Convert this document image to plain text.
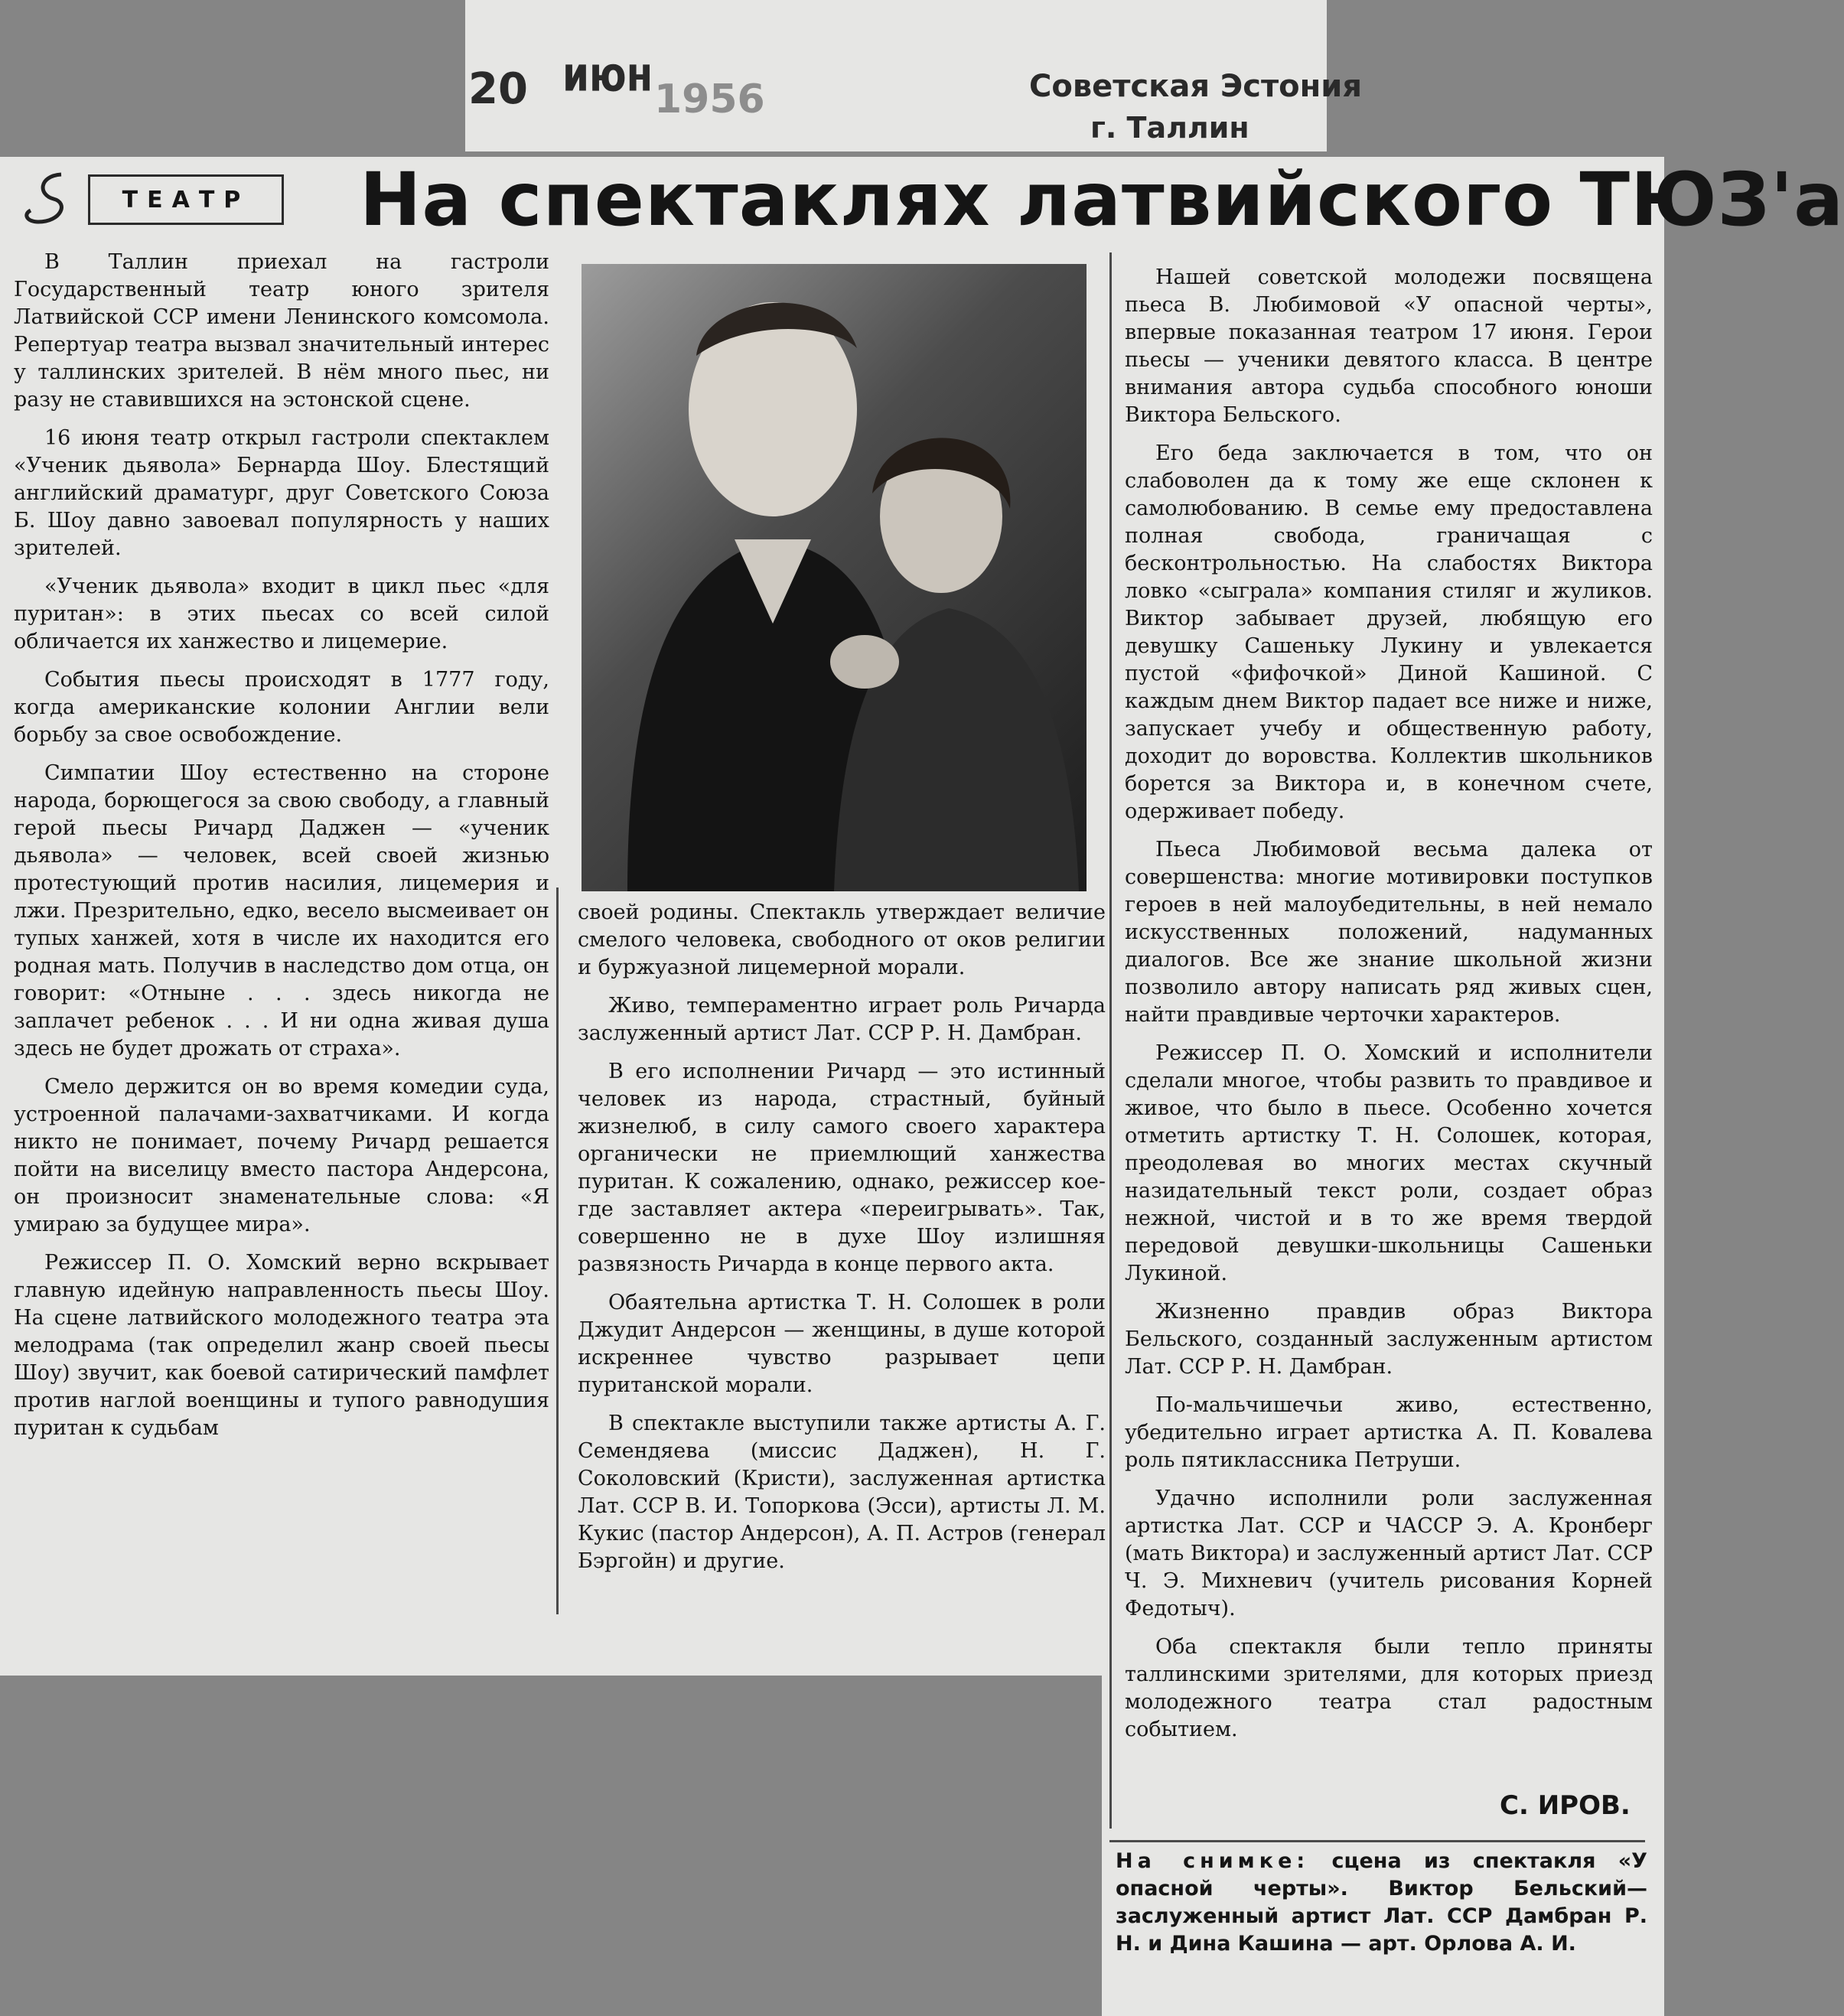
20 июн 1956	Советская Эстония
г. Таллин
ТЕАТР	На спектаклях латвийского ТЮЗ'а

В Таллин приехал на гастроли Государственный театр юного зрителя Латвийской ССР имени Ленинского комсомола. Репертуар театра вызвал значительный интерес у таллинских зрителей. В нём много пьес, ни разу не ставившихся на эстонской сцене.

16 июня театр открыл гастроли спектаклем «Ученик дьявола» Бернарда Шоу. Блестящий английский драматург, друг Советского Союза Б. Шоу давно завоевал популярность у наших зрителей.

«Ученик дьявола» входит в цикл пьес «для пуритан»: в этих пьесах со всей силой обличается их ханжество и лицемерие.

События пьесы происходят в 1777 году, когда американские колонии Англии вели борьбу за свое освобождение.

Симпатии Шоу естественно на стороне народа, борющегося за свою свободу, а главный герой пьесы Ричард Даджен — «ученик дьявола» — человек, всей своей жизнью протестующий против насилия, лицемерия и лжи. Презрительно, едко, весело высмеивает он тупых ханжей, хотя в числе их находится его родная мать. Получив в наследство дом отца, он говорит: «Отныне . . . здесь никогда не заплачет ребенок . . . И ни одна живая душа здесь не будет дрожать от страха».

Смело держится он во время комедии суда, устроенной палачами-захватчиками. И когда никто не понимает, почему Ричард решается пойти на виселицу вместо пастора Андерсона, он произносит знаменательные слова: «Я умираю за будущее мира».

Режиссер П. О. Хомский верно вскрывает главную идейную направленность пьесы Шоу. На сцене латвийского молодежного театра эта мелодрама (так определил жанр своей пьесы Шоу) звучит, как боевой сатирический памфлет против наглой военщины и тупого равнодушия пуритан к судьбам

своей родины. Спектакль утверждает величие смелого человека, свободного от оков религии и буржуазной лицемерной морали.

Живо, темпераментно играет роль Ричарда заслуженный артист Лат. ССР Р. Н. Дамбран.

В его исполнении Ричард — это истинный человек из народа, страстный, буйный жизнелюб, в силу самого своего характера органически не приемлющий ханжества пуритан. К сожалению, однако, режиссер кое-где заставляет актера «переигрывать». Так, совершенно не в духе Шоу излишняя развязность Ричарда в конце первого акта.

Обаятельна артистка Т. Н. Солошек в роли Джудит Андерсон — женщины, в душе которой искреннее чувство разрывает цепи пуританской морали.

В спектакле выступили также артисты А. Г. Семендяева (миссис Даджен), Н. Г. Соколовский (Кристи), заслуженная артистка Лат. ССР В. И. Топоркова (Эсси), артисты Л. М. Кукис (пастор Андерсон), А. П. Астров (генерал Бэргойн) и другие.

Нашей советской молодежи посвящена пьеса В. Любимовой «У опасной черты», впервые показанная театром 17 июня. Герои пьесы — ученики девятого класса. В центре внимания автора судьба способного юноши Виктора Бельского.

Его беда заключается в том, что он слабоволен да к тому же еще склонен к самолюбованию. В семье ему предоставлена полная свобода, граничащая с бесконтрольностью. На слабостях Виктора ловко «сыграла» компания стиляг и жуликов. Виктор забывает друзей, любящую его девушку Сашеньку Лукину и увлекается пустой «фифочкой» Диной Кашиной. С каждым днем Виктор падает все ниже и ниже, запускает учебу и общественную работу, доходит до воровства. Коллектив школьников борется за Виктора и, в конечном счете, одерживает победу.

Пьеса Любимовой весьма далека от совершенства: многие мотивировки поступков героев в ней малоубедительны, в ней немало искусственных положений, надуманных диалогов. Все же знание школьной жизни позволило автору написать ряд живых сцен, найти правдивые черточки характеров.

Режиссер П. О. Хомский и исполнители сделали многое, чтобы развить то правдивое и живое, что было в пьесе. Особенно хочется отметить артистку Т. Н. Солошек, которая, преодолевая во многих местах скучный назидательный текст роли, создает образ нежной, чистой и в то же время твердой передовой девушки-школьницы Сашеньки Лукиной.

Жизненно правдив образ Виктора Бельского, созданный заслуженным артистом Лат. ССР Р. Н. Дамбран.

По-мальчишечьи живо, естественно, убедительно играет артистка А. П. Ковалева роль пятиклассника Петруши.

Удачно исполнили роли заслуженная артистка Лат. ССР и ЧАССР Э. А. Кронберг (мать Виктора) и заслуженный артист Лат. ССР Ч. Э. Михневич (учитель рисования Корней Федотыч).

Оба спектакля были тепло приняты таллинскими зрителями, для которых приезд молодежного театра стал радостным событием.

С. ИРОВ.
На снимке: сцена из спектакля «У опасной черты». Виктор Бельский— заслуженный артист Лат. ССР Дамбран Р. Н. и Дина Кашина — арт. Орлова А. И.
